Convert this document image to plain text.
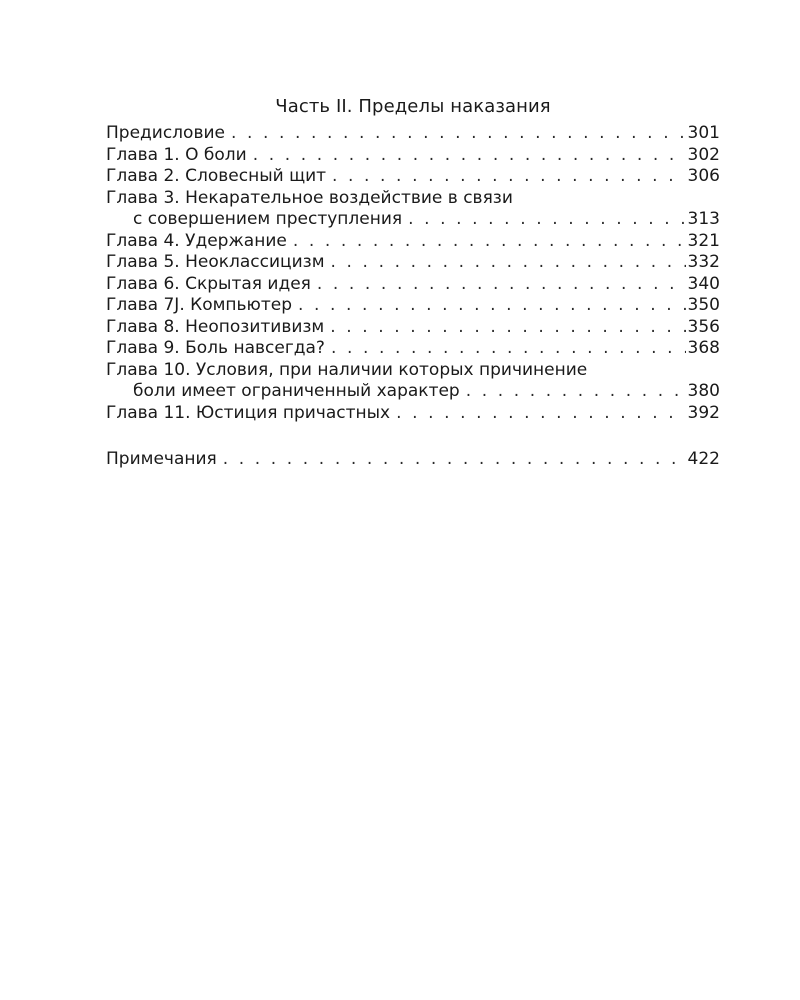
Часть II. Пределы наказания
Предисловие . . .	301
Глава 1. О боли . . .	302
Глава 2. Словесный щит . . .	306
Глава 3. Некарательное воздействие в связи
с совершением преступления . . .	313
Глава 4. Удержание . . .	321
Глава 5. Неоклассицизм . . .	332
Глава 6. Скрытая идея . . .	340
Глава 7J. Компьютер . . .	350
Глава 8. Неопозитивизм . . .	356
Глава 9. Боль навсегда? . . .	368
Глава 10. Условия, при наличии которых причинение
боли имеет ограниченный характер . . .	380
Глава 11. Юстиция причастных . . .	392
Примечания . . .	422
